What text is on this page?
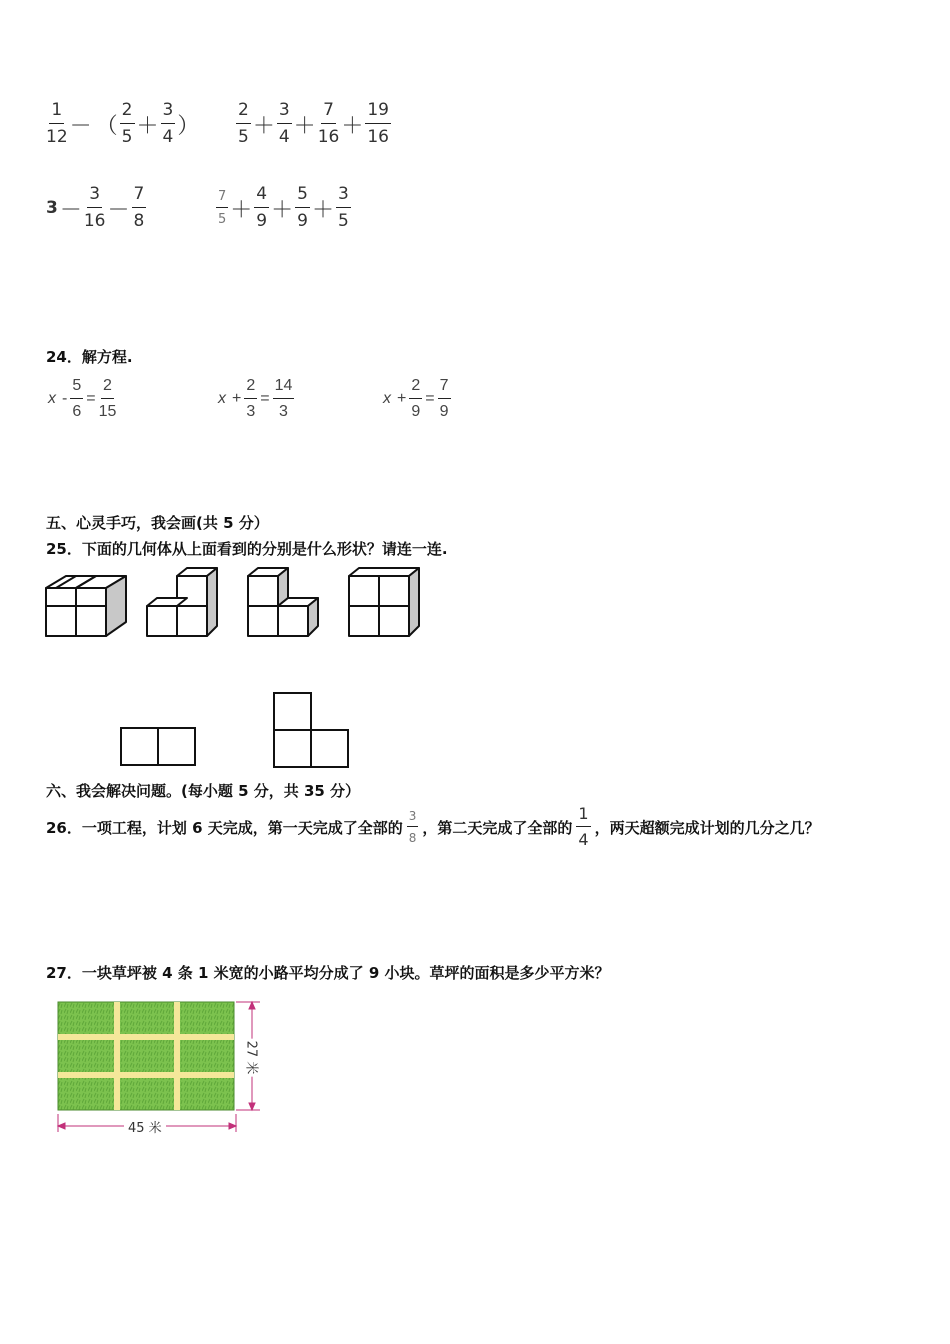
$\frac{1}{12}$ － （ $\frac{2}{5} + \frac{3}{4}$ ） $\frac{2}{5} + \frac{3}{4} + \frac{7}{16} + \frac{19}{16}$
$3 - \frac{3}{16} - \frac{7}{8}$	$\frac{7}{5} + \frac{4}{9} + \frac{5}{9} + \frac{3}{5}$
24．解方程.
$x - \frac{5}{6} = \frac{2}{15}$	$x + \frac{2}{3} = \frac{14}{3}$	$x + \frac{2}{9} = \frac{7}{9}$
五、心灵手巧，我会画(共 5 分）
25．下面的几何体从上面看到的分别是什么形状？请连一连.
六、我会解决问题。(每小题 5 分，共 35 分）
26．一项工程，计划 6 天完成，第一天完成了全部的 $\frac{3}{8}$ ，第二天完成了全部的 $\frac{1}{4}$ ，两天超额完成计划的几分之几？
27．一块草坪被 4 条 1 米宽的小路平均分成了 9 小块。草坪的面积是多少平方米？
27 米
45 米
